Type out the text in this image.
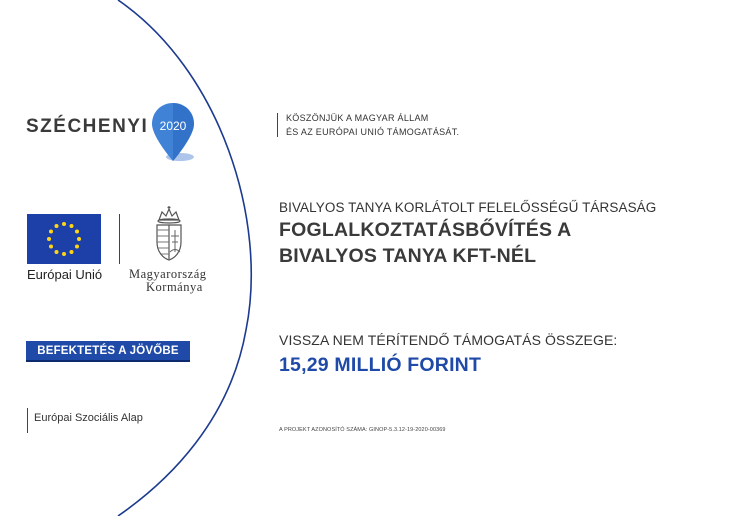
SZÉCHENYI 2020
Európai Unió Magyarország
Kormánya
BEFEKTETÉS A JÖVŐBE
Európai Szociális Alap
KÖSZÖNJÜK A MAGYAR ÁLLAM
ÉS AZ EURÓPAI UNIÓ TÁMOGATÁSÁT.
BIVALYOS TANYA KORLÁTOLT FELELŐSSÉGŰ TÁRSASÁG
FOGLALKOZTATÁSBŐVÍTÉS A
BIVALYOS TANYA KFT-NÉL
VISSZA NEM TÉRÍTENDŐ TÁMOGATÁS ÖSSZEGE:
15,29 MILLIÓ FORINT
A PROJEKT AZONOSÍTÓ SZÁMA: GINOP-5.3.12-19-2020-00369
